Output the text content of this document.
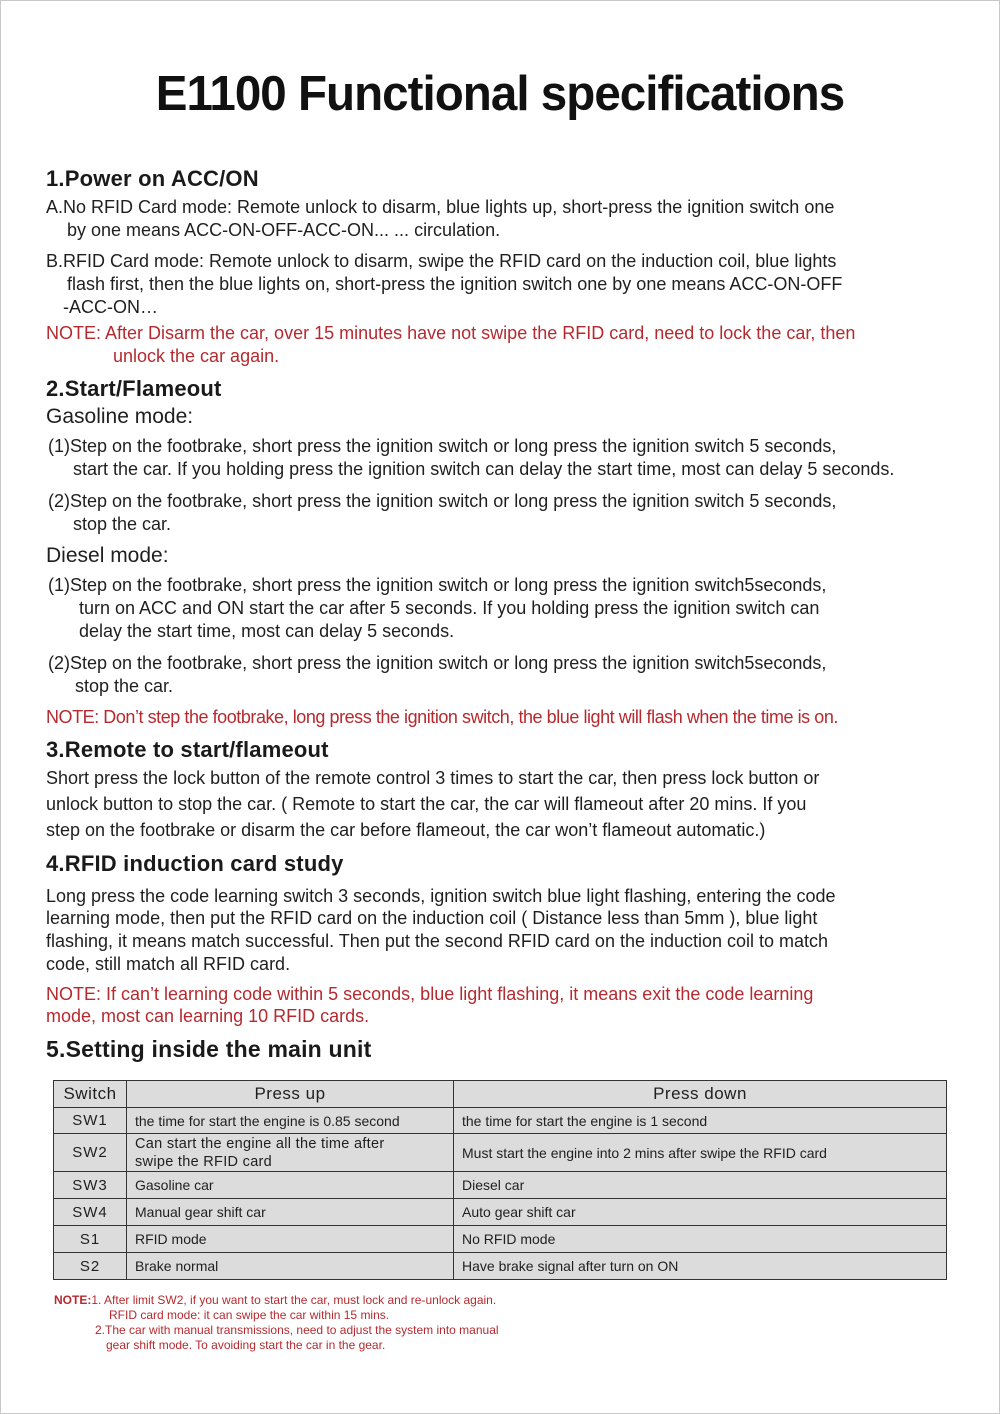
E1100 Functional specifications
1.Power on ACC/ON
A.No RFID Card mode: Remote unlock to disarm, blue lights up, short-press the ignition switch one
by one means ACC-ON-OFF-ACC-ON... ... circulation.
B.RFID Card mode: Remote unlock to disarm, swipe the RFID card on the induction coil, blue lights
flash first, then the blue lights on, short-press the ignition switch one by one means ACC-ON-OFF
-ACC-ON…
NOTE: After Disarm the car, over 15 minutes have not swipe the RFID card, need to lock the car, then
unlock the car again.
2.Start/Flameout
Gasoline mode:
(1)Step on the footbrake, short press the ignition switch or long press the ignition switch 5 seconds,
start the car. If you holding press the ignition switch can delay the start time, most can delay 5 seconds.
(2)Step on the footbrake, short press the ignition switch or long press the ignition switch 5 seconds,
stop the car.
Diesel mode:
(1)Step on the footbrake, short press the ignition switch or long press the ignition switch5seconds,
turn on ACC and ON start the car after 5 seconds. If you holding press the ignition switch can
delay the start time, most can delay 5 seconds.
(2)Step on the footbrake, short press the ignition switch or long press the ignition switch5seconds,
stop the car.
NOTE: Don’t step the footbrake, long press the ignition switch, the blue light will flash when the time is on.
3.Remote to start/flameout
Short press the lock button of the remote control 3 times to start the car, then press lock button or
unlock button to stop the car. ( Remote to start the car, the car will flameout after 20 mins. If you
step on the footbrake or disarm the car before flameout, the car won’t flameout automatic.)
4.RFID induction card study
Long press the code learning switch 3 seconds, ignition switch blue light flashing, entering the code
learning mode, then put the RFID card on the induction coil ( Distance less than 5mm ), blue light
flashing, it means match successful. Then put the second RFID card on the induction coil to match
code, still match all RFID card.
NOTE: If can’t learning code within 5 seconds, blue light flashing, it means exit the code learning
mode, most can learning 10 RFID cards.
5.Setting inside the main unit
Switch	Press up	Press down
SW1	the time for start the engine is 0.85 second	the time for start the engine is 1 second
SW2	Can start the engine all the time after
swipe the RFID card	Must start the engine into 2 mins after swipe the RFID card
SW3	Gasoline car	Diesel car
SW4	Manual gear shift car	Auto gear shift car
S1	RFID mode	No RFID mode
S2	Brake normal	Have brake signal after turn on ON
NOTE:1. After limit SW2, if you want to start the car, must lock and re-unlock again.
RFID card mode: it can swipe the car within 15 mins.
2.The car with manual transmissions, need to adjust the system into manual
gear shift mode. To avoiding start the car in the gear.
